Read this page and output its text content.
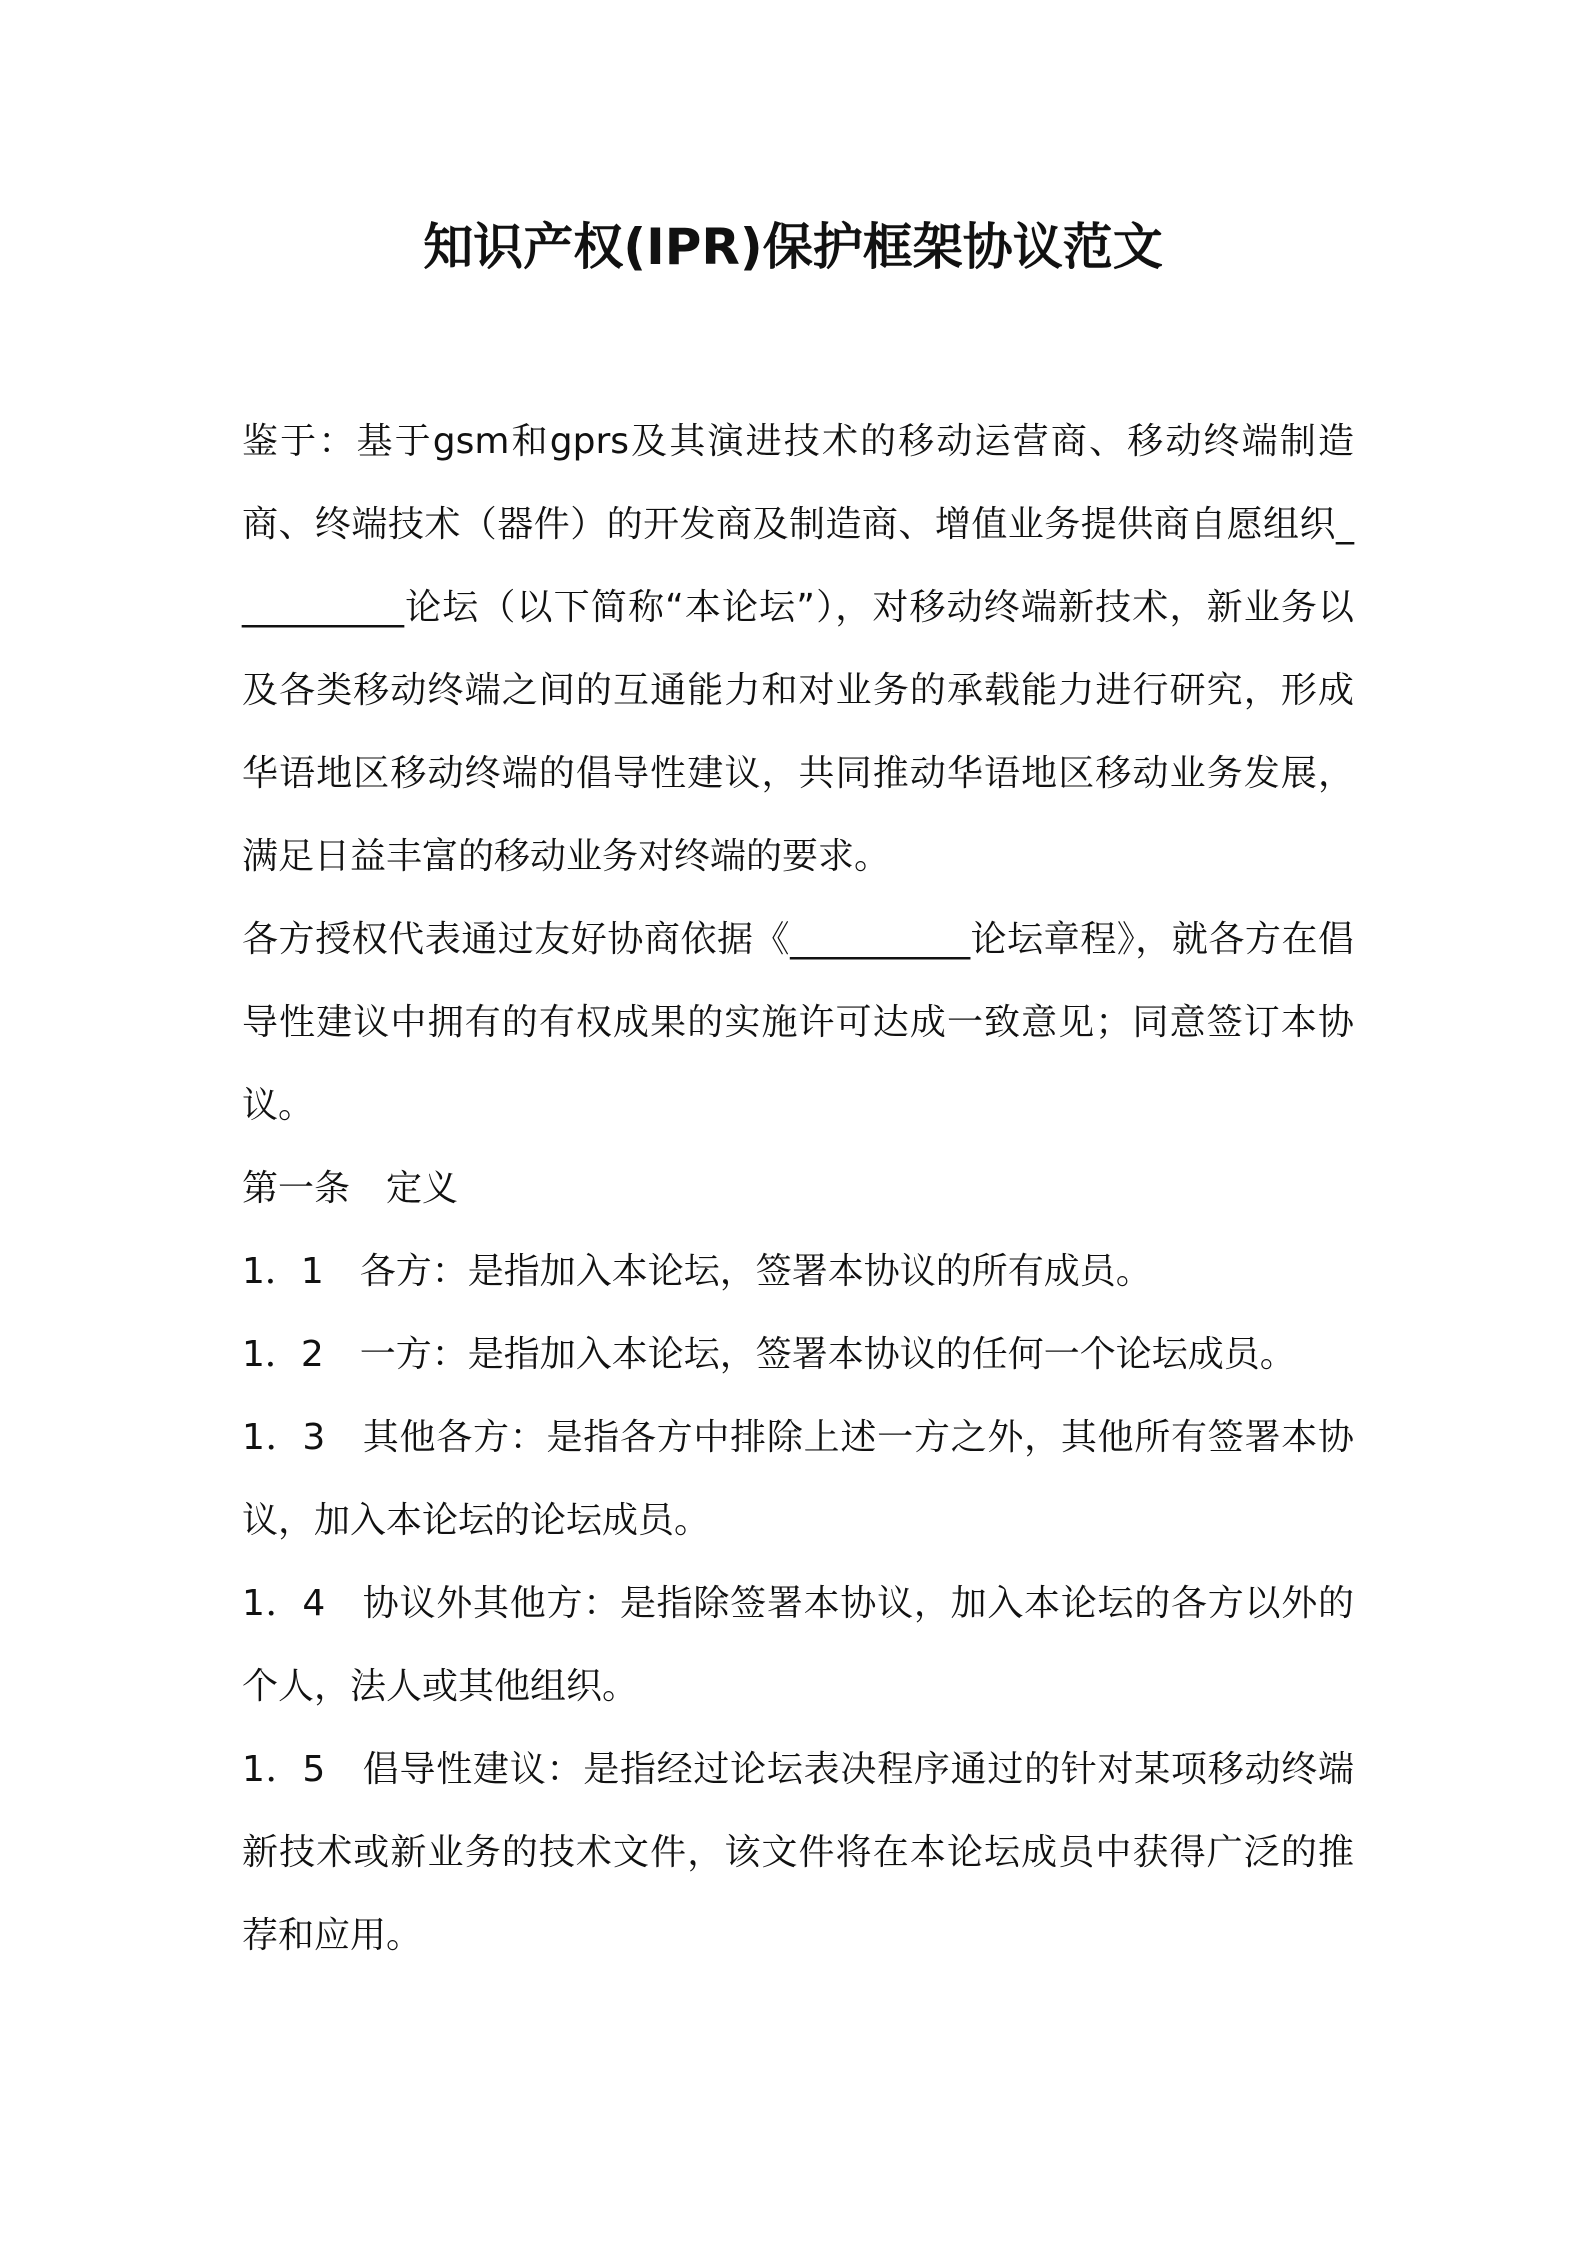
知识产权(IPR)保护框架协议范文

鉴于：基于gsm和gprs及其演进技术的移动运营商、移动终端制造商、终端技术（器件）的开发商及制造商、增值业务提供商自愿组织__________论坛（以下简称“本论坛”），对移动终端新技术，新业务以及各类移动终端之间的互通能力和对业务的承载能力进行研究，形成华语地区移动终端的倡导性建议，共同推动华语地区移动业务发展，满足日益丰富的移动业务对终端的要求。

各方授权代表通过友好协商依据《__________论坛章程》，就各方在倡导性建议中拥有的有权成果的实施许可达成一致意见；同意签订本协议。

第一条　定义

1．1　各方：是指加入本论坛，签署本协议的所有成员。

1．2　一方：是指加入本论坛，签署本协议的任何一个论坛成员。

1．3　其他各方：是指各方中排除上述一方之外，其他所有签署本协议，加入本论坛的论坛成员。

1．4　协议外其他方：是指除签署本协议，加入本论坛的各方以外的个人，法人或其他组织。

1．5　倡导性建议：是指经过论坛表决程序通过的针对某项移动终端新技术或新业务的技术文件，该文件将在本论坛成员中获得广泛的推荐和应用。
